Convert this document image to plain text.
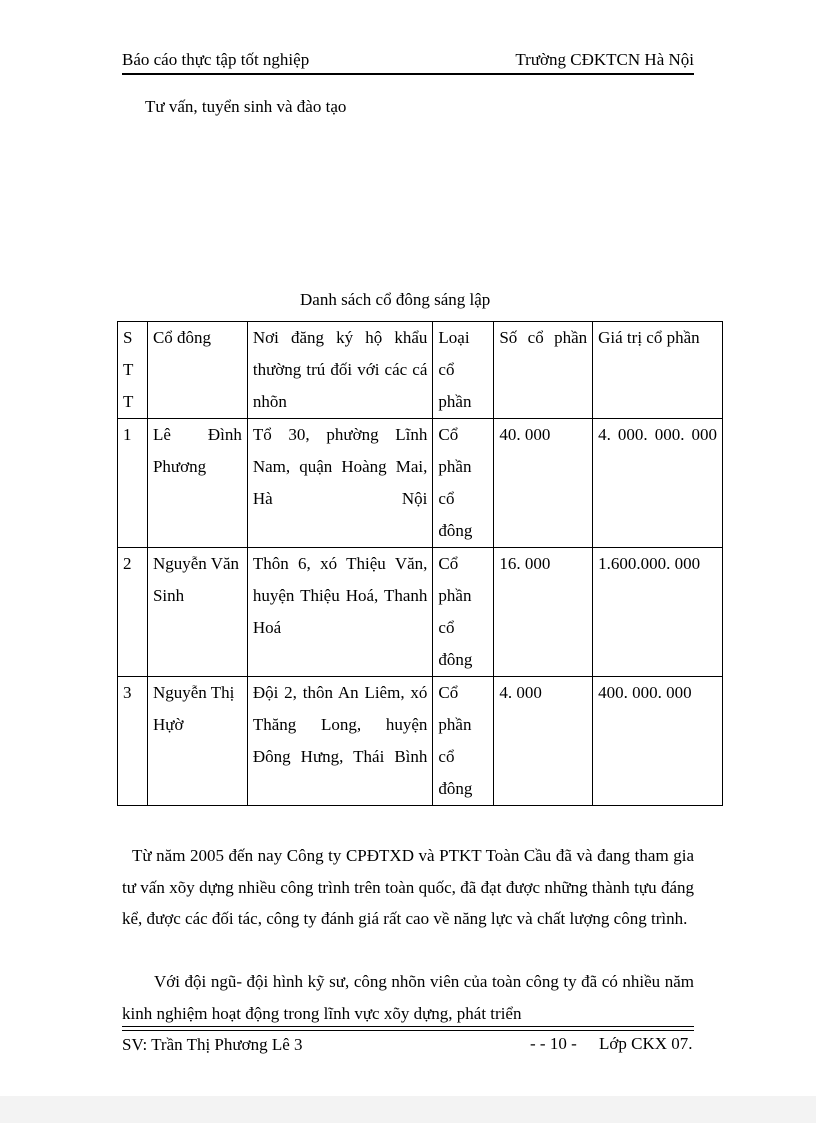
Báo cáo thực tập tốt nghiệp	Trường CĐKTCN Hà Nội
Tư vấn, tuyển sinh và đào tạo
Danh sách cổ đông sáng lập
S
T
T	Cổ đông	Nơi đăng ký hộ khẩu thường trú đối với các cá nhõn	Loại cổ phần	Số cổ phần	Giá trị cổ phần
1	Lê Đình Phương	Tổ 30, phường Lĩnh Nam, quận Hoàng Mai, Hà Nội	Cổ phần cổ đông	40. 000	4. 000. 000. 000
2	Nguyễn Văn Sinh	Thôn 6, xó Thiệu Văn, huyện Thiệu Hoá, Thanh Hoá	Cổ phần cổ đông	16. 000	1.600.000. 000
3	Nguyễn Thị Hựờ	Đội 2, thôn An Liêm, xó Thăng Long, huyện Đông Hưng, Thái Bình	Cổ phần cổ đông	4. 000	400. 000. 000

Từ năm 2005 đến nay Công ty CPĐTXD và PTKT Toàn Cầu đã và đang tham gia tư vấn xõy dựng nhiều công trình trên toàn quốc, đã đạt được những thành tựu đáng kể, được các đối tác, công ty đánh giá rất cao về năng lực và chất lượng công trình.

Với đội ngũ- đội hình kỹ sư, công nhõn viên của toàn công ty đã có nhiều năm kinh nghiệm hoạt động trong lĩnh vực xõy dựng, phát triển

SV: Trần Thị Phương Lê 3	- - 10 - Lớp CKX 07.
